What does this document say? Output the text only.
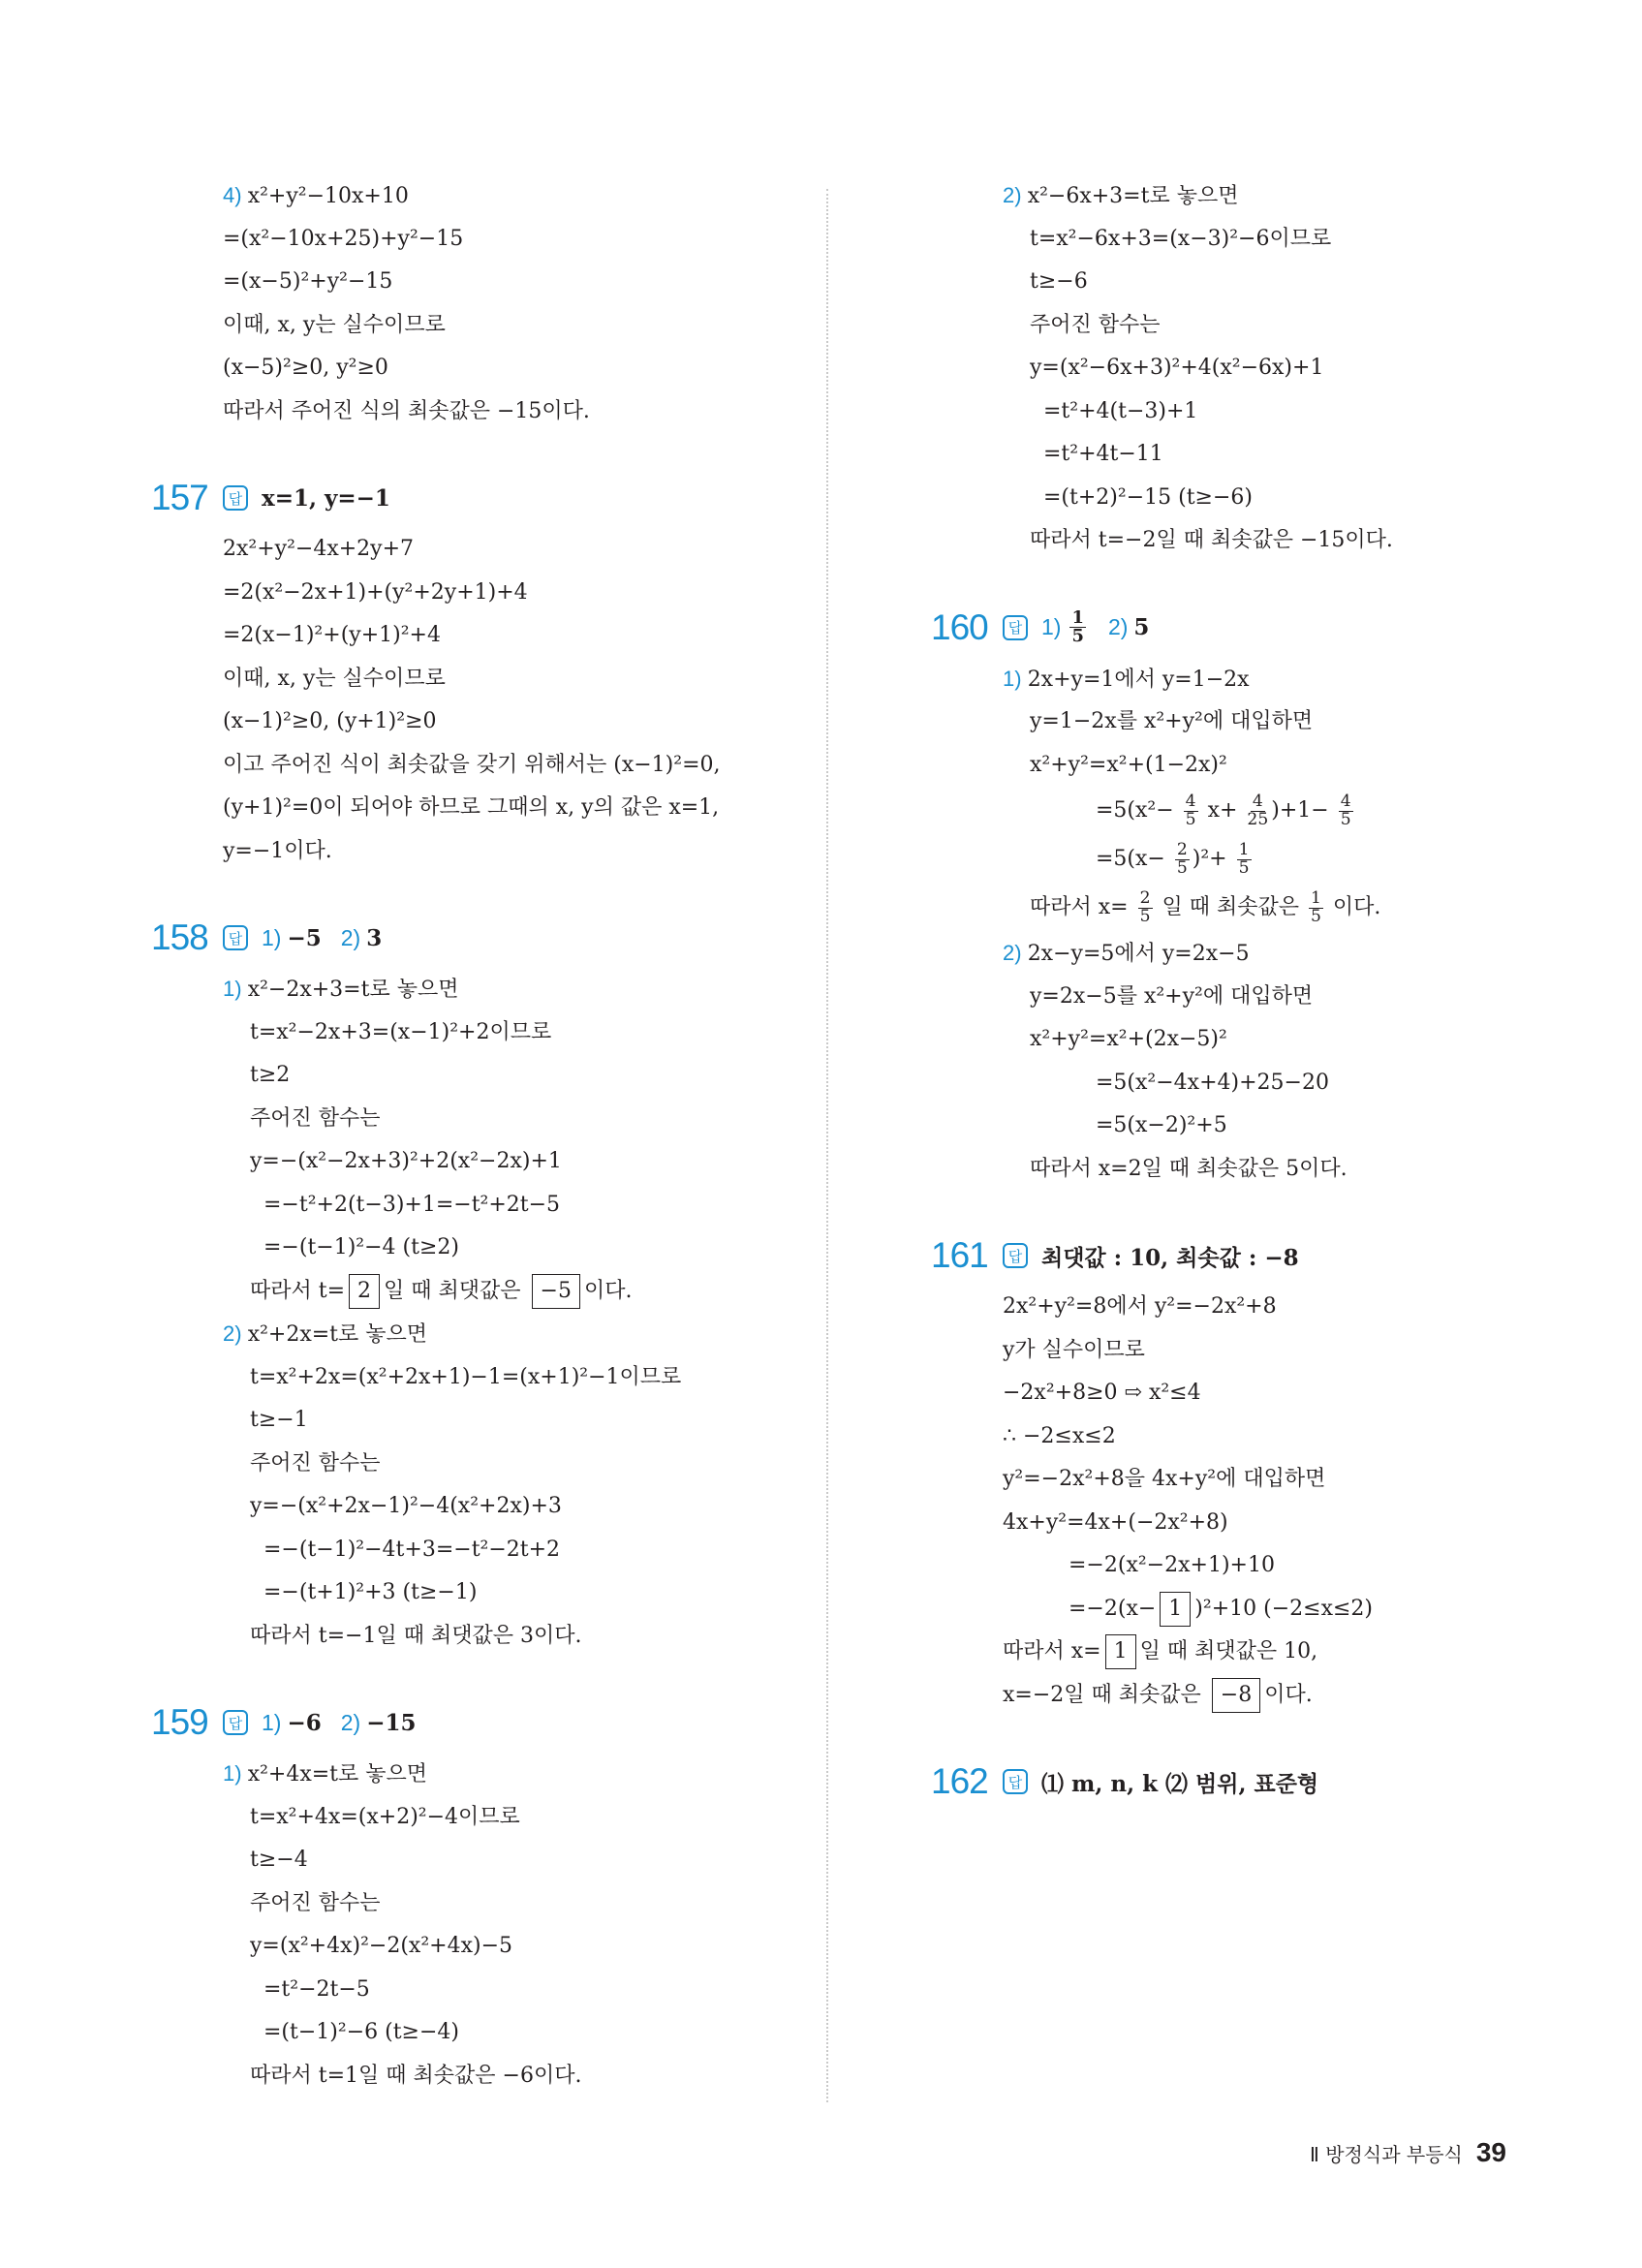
4) x²+y²−10x+10
=(x²−10x+25)+y²−15
=(x−5)²+y²−15
이때, x, y는 실수이므로
(x−5)²≥0, y²≥0
따라서 주어진 식의 최솟값은 −15이다.
157	답 x=1, y=−1
2x²+y²−4x+2y+7
=2(x²−2x+1)+(y²+2y+1)+4
=2(x−1)²+(y+1)²+4
이때, x, y는 실수이므로
(x−1)²≥0, (y+1)²≥0
이고 주어진 식이 최솟값을 갖기 위해서는 (x−1)²=0,
(y+1)²=0이 되어야 하므로 그때의 x, y의 값은 x=1,
y=−1이다.
158	답 1) −5 2) 3
1) x²−2x+3=t로 놓으면
t=x²−2x+3=(x−1)²+2이므로
t≥2
주어진 함수는
y=−(x²−2x+3)²+2(x²−2x)+1
=−t²+2(t−3)+1=−t²+2t−5
=−(t−1)²−4 (t≥2)
따라서 t= 2 일 때 최댓값은 −5 이다.
2) x²+2x=t로 놓으면
t=x²+2x=(x²+2x+1)−1=(x+1)²−1이므로
t≥−1
주어진 함수는
y=−(x²+2x−1)²−4(x²+2x)+3
=−(t−1)²−4t+3=−t²−2t+2
=−(t+1)²+3 (t≥−1)
따라서 t=−1일 때 최댓값은 3이다.
159	답 1) −6 2) −15
1) x²+4x=t로 놓으면
t=x²+4x=(x+2)²−4이므로
t≥−4
주어진 함수는
y=(x²+4x)²−2(x²+4x)−5
=t²−2t−5
=(t−1)²−6 (t≥−4)
따라서 t=1일 때 최솟값은 −6이다.
2) x²−6x+3=t로 놓으면
t=x²−6x+3=(x−3)²−6이므로
t≥−6
주어진 함수는
y=(x²−6x+3)²+4(x²−6x)+1
=t²+4(t−3)+1
=t²+4t−11
=(t+2)²−15 (t≥−6)
따라서 t=−2일 때 최솟값은 −15이다.
160	답 $1) \frac{1}{5} 2$) 5
1) 2x+y=1에서 y=1−2x
y=1−2x를 x²+y²에 대입하면
x²+y²=x²+(1−2x)²
$=5(x^2- \frac{4}{5} x+ \frac{4}{25} )+1- \frac{4}{5}$
$=5(x- \frac{2}{5} )^2+ \frac{1}{5}$
따라서 $x= \frac{2}{5}$ 일 때 최솟값은 $\frac{1}{5}$ 이다.
2) 2x−y=5에서 y=2x−5
y=2x−5를 x²+y²에 대입하면
x²+y²=x²+(2x−5)²
=5(x²−4x+4)+25−20
=5(x−2)²+5
따라서 x=2일 때 최솟값은 5이다.
161	답 최댓값 : 10, 최솟값 : −8
2x²+y²=8에서 y²=−2x²+8
y가 실수이므로
−2x²+8≥0 ⇨ x²≤4
∴ −2≤x≤2
y²=−2x²+8을 4x+y²에 대입하면
4x+y²=4x+(−2x²+8)
=−2(x²−2x+1)+10
=−2(x− 1 )²+10 (−2≤x≤2)
따라서 x= 1 일 때 최댓값은 10,
x=−2일 때 최솟값은 −8 이다.
162	답 ⑴ m, n, k ⑵ 범위, 표준형
Ⅱ 방정식과 부등식 39
